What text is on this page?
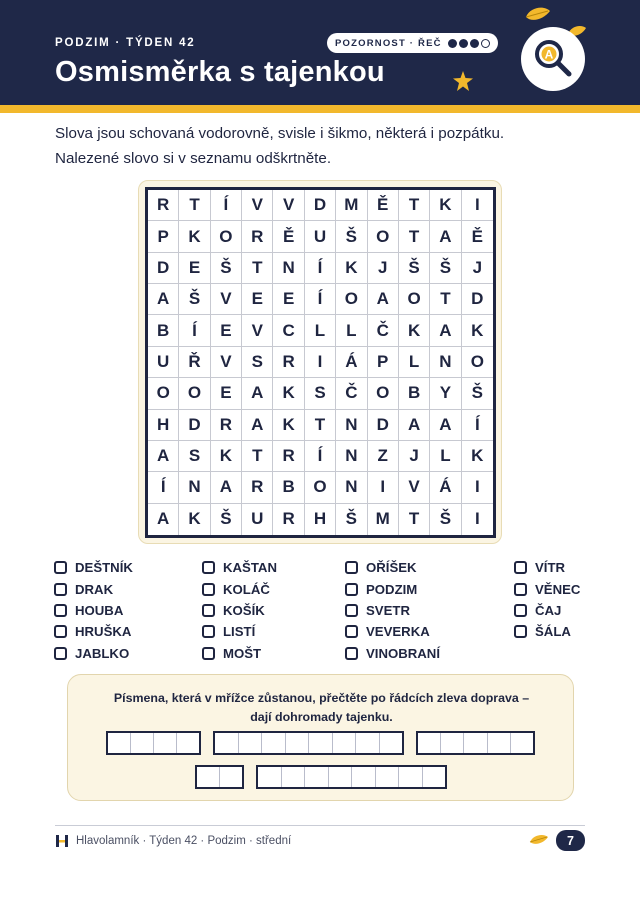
PODZIM · TÝDEN 42
Osmisměrka s tajenkou
POZORNOST · ŘEČ
A
Slova jsou schovaná vodorovně, svisle i šikmo, některá i pozpátku.
Nalezené slovo si v seznamu odškrtněte.
R	T	Í	V	V	D	M	Ě	T	K	I
P	K	O	R	Ě	U	Š	O	T	A	Ě
D	E	Š	T	N	Í	K	J	Š	Š	J
A	Š	V	E	E	Í	O	A	O	T	D
B	Í	E	V	C	L	L	Č	K	A	K
U	Ř	V	S	R	I	Á	P	L	N	O
O	O	E	A	K	S	Č	O	B	Y	Š
H	D	R	A	K	T	N	D	A	A	Í
A	S	K	T	R	Í	N	Z	J	L	K
Í	N	A	R	B	O	N	I	V	Á	I
A	K	Š	U	R	H	Š	M	T	Š	I
DEŠTNÍK
DRAK
HOUBA
HRUŠKA
JABLKO
KAŠTAN
KOLÁČ
KOŠÍK
LISTÍ
MOŠT
OŘÍŠEK
PODZIM
SVETR
VEVERKA
VINOBRANÍ
VÍTR
VĚNEC
ČAJ
ŠÁLA
Písmena, která v mřížce zůstanou, přečtěte po řádcích zleva doprava –
dají dohromady tajenku.
Hlavolamník · Týden 42 · Podzim · střední	7
